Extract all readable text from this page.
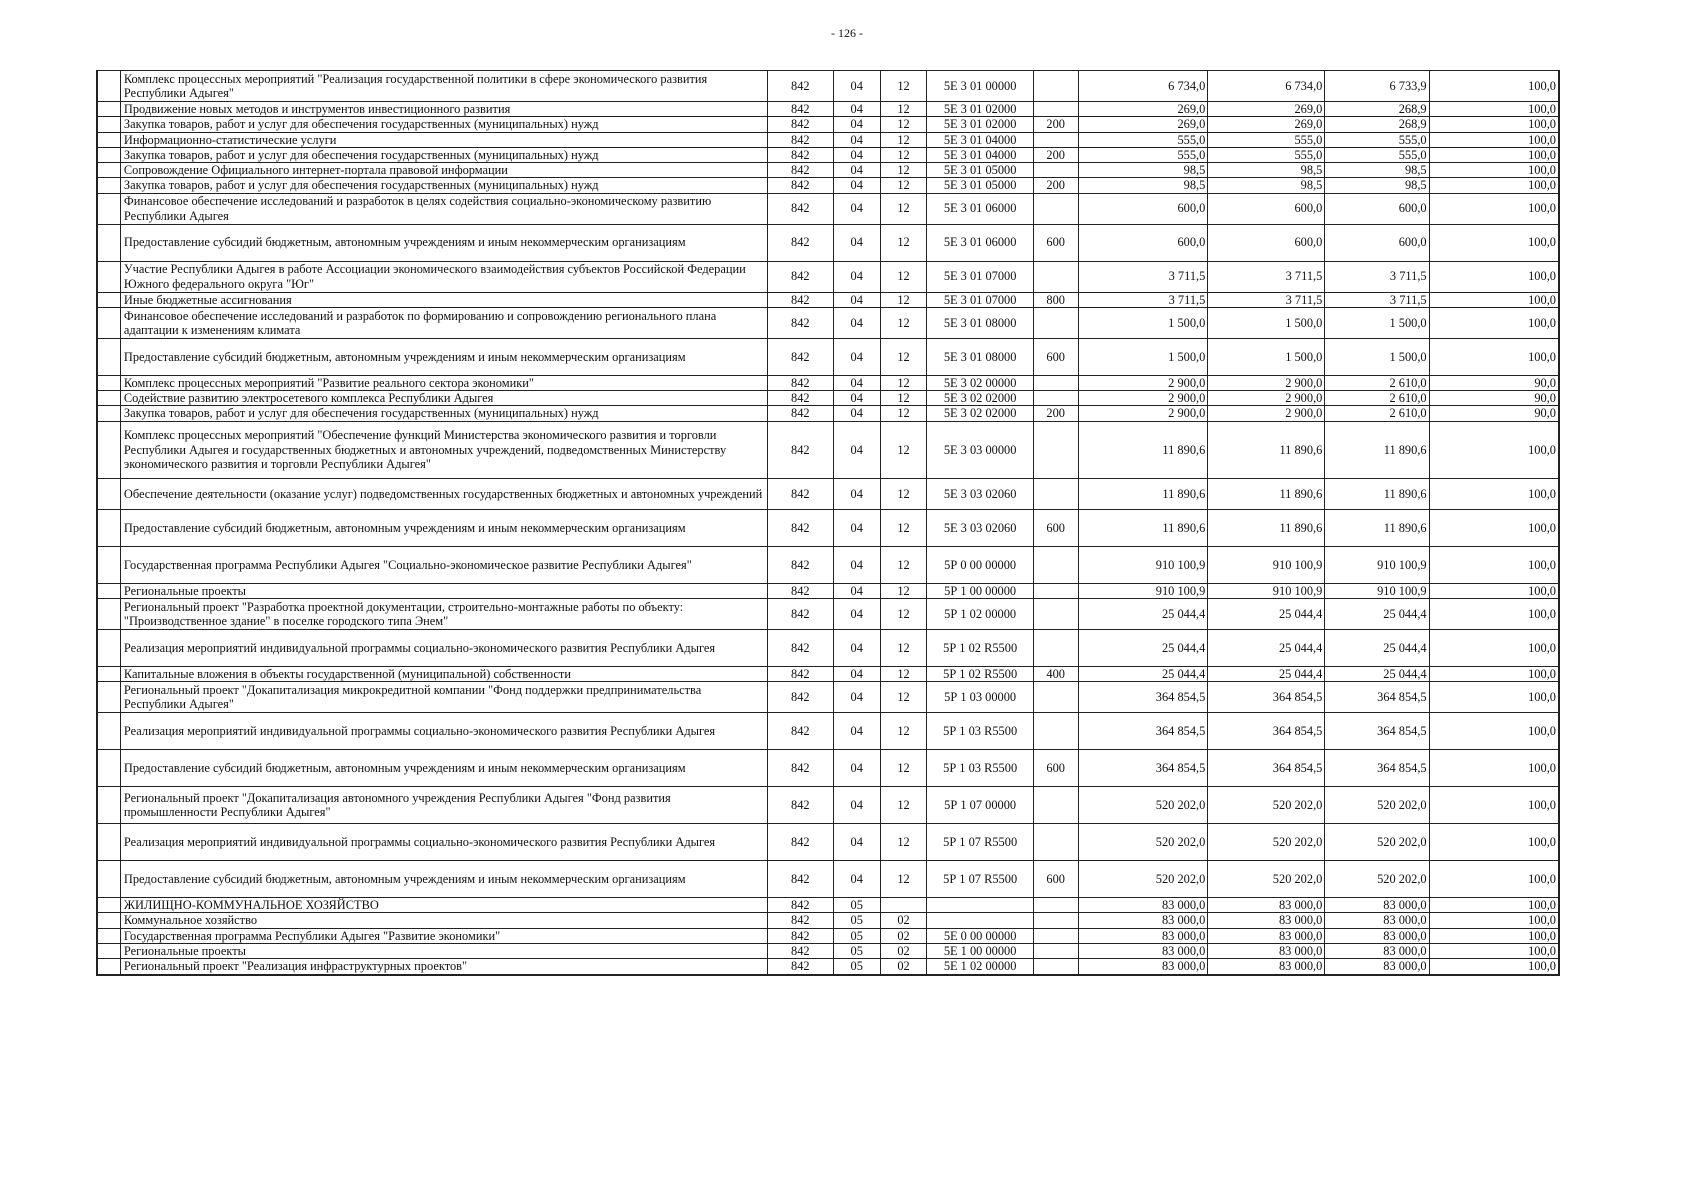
- 126 -
	Комплекс процессных мероприятий "Реализация государственной политики в сфере экономического развития Республики Адыгея"	842	04	12	5Е 3 01 00000		6 734,0	6 734,0	6 733,9	100,0
	Продвижение новых методов и инструментов инвестиционного развития	842	04	12	5Е 3 01 02000		269,0	269,0	268,9	100,0
	Закупка товаров, работ и услуг для обеспечения государственных (муниципальных) нужд	842	04	12	5Е 3 01 02000	200	269,0	269,0	268,9	100,0
	Информационно-статистические услуги	842	04	12	5Е 3 01 04000		555,0	555,0	555,0	100,0
	Закупка товаров, работ и услуг для обеспечения государственных (муниципальных) нужд	842	04	12	5Е 3 01 04000	200	555,0	555,0	555,0	100,0
	Сопровождение Официального интернет-портала правовой информации	842	04	12	5Е 3 01 05000		98,5	98,5	98,5	100,0
	Закупка товаров, работ и услуг для обеспечения государственных (муниципальных) нужд	842	04	12	5Е 3 01 05000	200	98,5	98,5	98,5	100,0
	Финансовое обеспечение исследований и разработок в целях содействия социально-экономическому развитию Республики Адыгея	842	04	12	5Е 3 01 06000		600,0	600,0	600,0	100,0
	Предоставление субсидий бюджетным, автономным учреждениям и иным некоммерческим организациям	842	04	12	5Е 3 01 06000	600	600,0	600,0	600,0	100,0
	Участие Республики Адыгея в работе Ассоциации экономического взаимодействия субъектов Российской Федерации Южного федерального округа "Юг"	842	04	12	5Е 3 01 07000		3 711,5	3 711,5	3 711,5	100,0
	Иные бюджетные ассигнования	842	04	12	5Е 3 01 07000	800	3 711,5	3 711,5	3 711,5	100,0
	Финансовое обеспечение исследований и разработок по формированию и сопровождению регионального плана адаптации к изменениям климата	842	04	12	5Е 3 01 08000		1 500,0	1 500,0	1 500,0	100,0
	Предоставление субсидий бюджетным, автономным учреждениям и иным некоммерческим организациям	842	04	12	5Е 3 01 08000	600	1 500,0	1 500,0	1 500,0	100,0
	Комплекс процессных мероприятий "Развитие реального сектора экономики"	842	04	12	5Е 3 02 00000		2 900,0	2 900,0	2 610,0	90,0
	Содействие развитию электросетевого комплекса Республики Адыгея	842	04	12	5Е 3 02 02000		2 900,0	2 900,0	2 610,0	90,0
	Закупка товаров, работ и услуг для обеспечения государственных (муниципальных) нужд	842	04	12	5Е 3 02 02000	200	2 900,0	2 900,0	2 610,0	90,0
	Комплекс процессных мероприятий "Обеспечение функций Министерства экономического развития и торговли Республики Адыгея и государственных бюджетных и автономных учреждений, подведомственных Министерству экономического развития и торговли Республики Адыгея"	842	04	12	5Е 3 03 00000		11 890,6	11 890,6	11 890,6	100,0
	Обеспечение деятельности (оказание услуг) подведомственных государственных бюджетных и автономных учреждений	842	04	12	5Е 3 03 02060		11 890,6	11 890,6	11 890,6	100,0
	Предоставление субсидий бюджетным, автономным учреждениям и иным некоммерческим организациям	842	04	12	5Е 3 03 02060	600	11 890,6	11 890,6	11 890,6	100,0
	Государственная программа Республики Адыгея "Социально-экономическое развитие Республики Адыгея"	842	04	12	5Р 0 00 00000		910 100,9	910 100,9	910 100,9	100,0
	Региональные проекты	842	04	12	5Р 1 00 00000		910 100,9	910 100,9	910 100,9	100,0
	Региональный проект "Разработка проектной документации, строительно-монтажные работы по объекту: "Производственное здание" в поселке городского типа Энем"	842	04	12	5Р 1 02 00000		25 044,4	25 044,4	25 044,4	100,0
	Реализация мероприятий индивидуальной программы социально-экономического развития Республики Адыгея	842	04	12	5Р 1 02 R5500		25 044,4	25 044,4	25 044,4	100,0
	Капитальные вложения в объекты государственной (муниципальной) собственности	842	04	12	5Р 1 02 R5500	400	25 044,4	25 044,4	25 044,4	100,0
	Региональный проект "Докапитализация микрокредитной компании "Фонд поддержки предпринимательства Республики Адыгея"	842	04	12	5Р 1 03 00000		364 854,5	364 854,5	364 854,5	100,0
	Реализация мероприятий индивидуальной программы социально-экономического развития Республики Адыгея	842	04	12	5Р 1 03 R5500		364 854,5	364 854,5	364 854,5	100,0
	Предоставление субсидий бюджетным, автономным учреждениям и иным некоммерческим организациям	842	04	12	5Р 1 03 R5500	600	364 854,5	364 854,5	364 854,5	100,0
	Региональный проект "Докапитализация автономного учреждения Республики Адыгея "Фонд развития промышленности Республики Адыгея"	842	04	12	5Р 1 07 00000		520 202,0	520 202,0	520 202,0	100,0
	Реализация мероприятий индивидуальной программы социально-экономического развития Республики Адыгея	842	04	12	5Р 1 07 R5500		520 202,0	520 202,0	520 202,0	100,0
	Предоставление субсидий бюджетным, автономным учреждениям и иным некоммерческим организациям	842	04	12	5Р 1 07 R5500	600	520 202,0	520 202,0	520 202,0	100,0
	ЖИЛИЩНО-КОММУНАЛЬНОЕ ХОЗЯЙСТВО	842	05				83 000,0	83 000,0	83 000,0	100,0
	Коммунальное хозяйство	842	05	02			83 000,0	83 000,0	83 000,0	100,0
	Государственная программа Республики Адыгея "Развитие экономики"	842	05	02	5Е 0 00 00000		83 000,0	83 000,0	83 000,0	100,0
	Региональные проекты	842	05	02	5Е 1 00 00000		83 000,0	83 000,0	83 000,0	100,0
	Региональный проект "Реализация инфраструктурных проектов"	842	05	02	5Е 1 02 00000		83 000,0	83 000,0	83 000,0	100,0
